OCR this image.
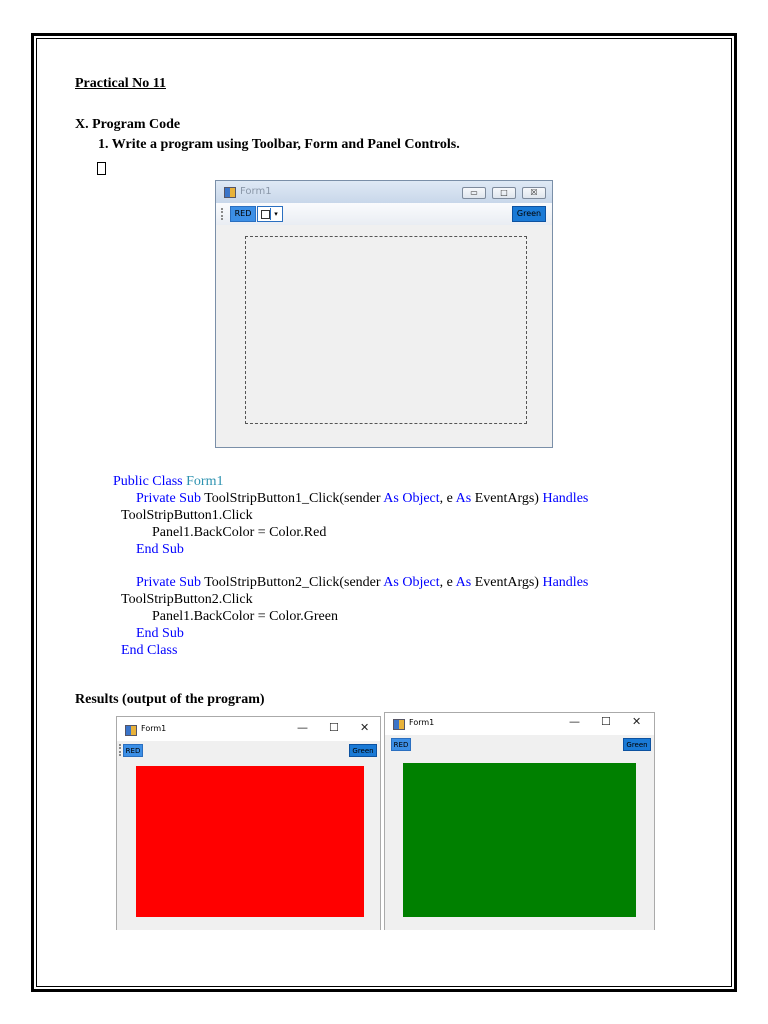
Practical No 11
X. Program Code
1. Write a program using Toolbar, Form and Panel Controls.
Form1	▭	□	☒
RED	▾	Green
Public Class Form1
Private Sub ToolStripButton1_Click(sender As Object, e As EventArgs) Handles
ToolStripButton1.Click
Panel1.BackColor = Color.Red
End Sub
Private Sub ToolStripButton2_Click(sender As Object, e As EventArgs) Handles
ToolStripButton2.Click
Panel1.BackColor = Color.Green
End Sub
End Class
Results (output of the program)
Form1	— ☐ ✕
RED	Green
Form1	— ☐ ✕
RED	Green
